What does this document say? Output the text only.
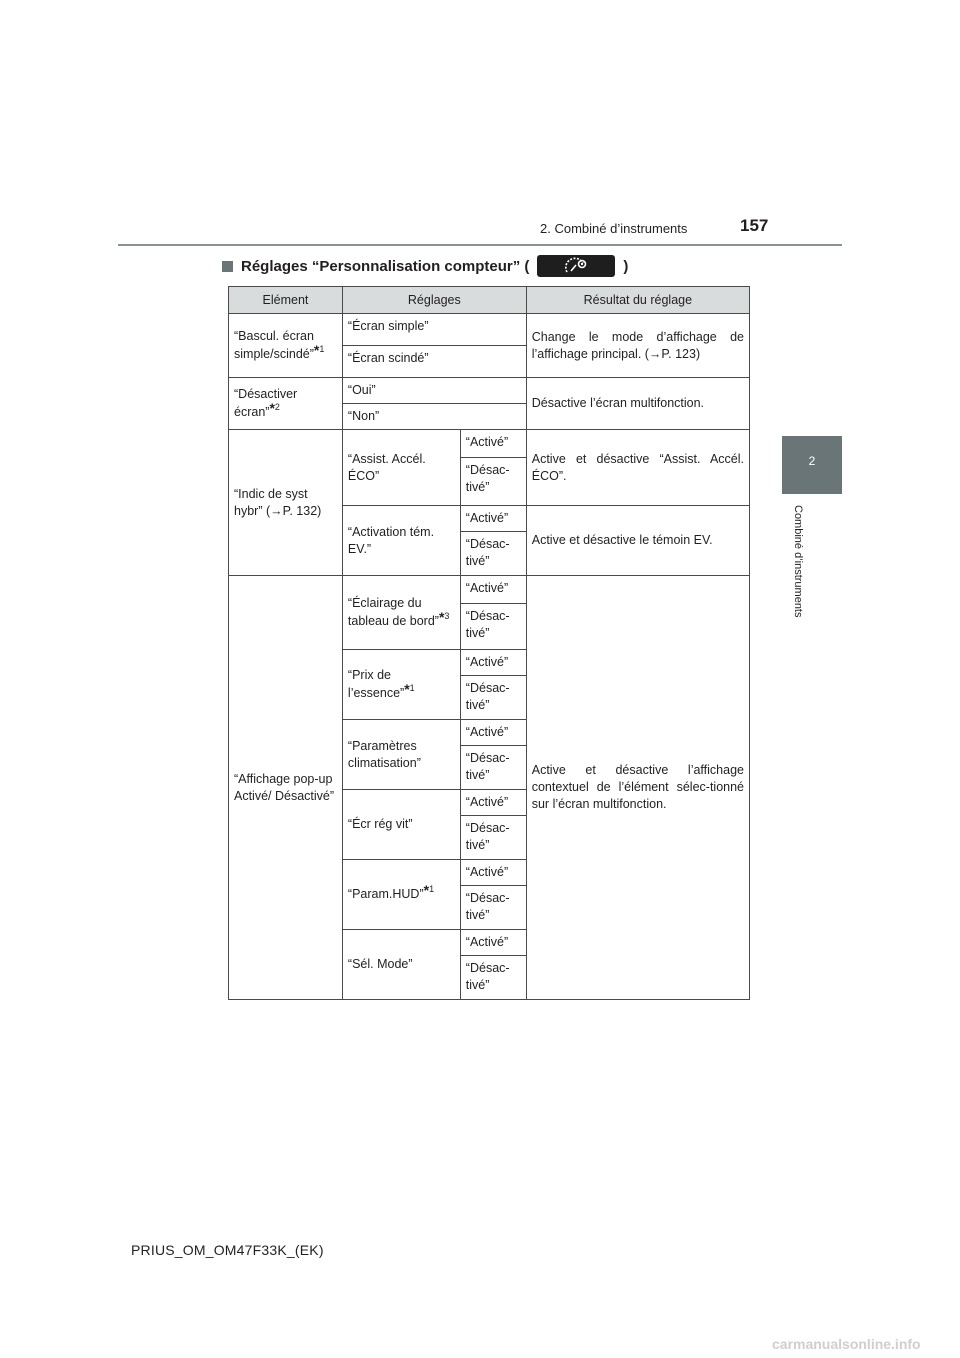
2. Combiné d’instruments	157
2
Combiné d’instruments
Réglages “Personnalisation compteur” (	)
Elément	Réglages		Résultat du réglage
“Bascul. écran simple/scindé”*$^1$	“Écran simple”		Change le mode d’affichage de l’affichage principal. (→P. 123)
	“Écran scindé”		
“Désactiver écran”*$^2$	“Oui”		Désactive l’écran multifonction.
	“Non”		
“Indic de syst hybr” (→P. 132)	“Assist. Accél. ÉCO”	“Activé”	Active et désactive “Assist. Accél. ÉCO”.
		“Désac-tivé”	
	“Activation tém. EV.”	“Activé”	Active et désactive le témoin EV.
		“Désac-tivé”	
“Affichage pop-up Activé/ Désactivé”	“Éclairage du tableau de bord”*$^3$	“Activé”	Active et désactive l’affichage contextuel de l’élément sélec-tionné sur l’écran multifonction.
		“Désac-tivé”	
	“Prix de l’essence”*$^1$	“Activé”	
		“Désac-tivé”	
	“Paramètres climatisation”	“Activé”	
		“Désac-tivé”	
	“Écr rég vit”	“Activé”	
		“Désac-tivé”	
	“Param.HUD”*$^1$	“Activé”	
		“Désac-tivé”	
	“Sél. Mode”	“Activé”	
		“Désac-tivé”	
PRIUS_OM_OM47F33K_(EK)
carmanualsonline.info
